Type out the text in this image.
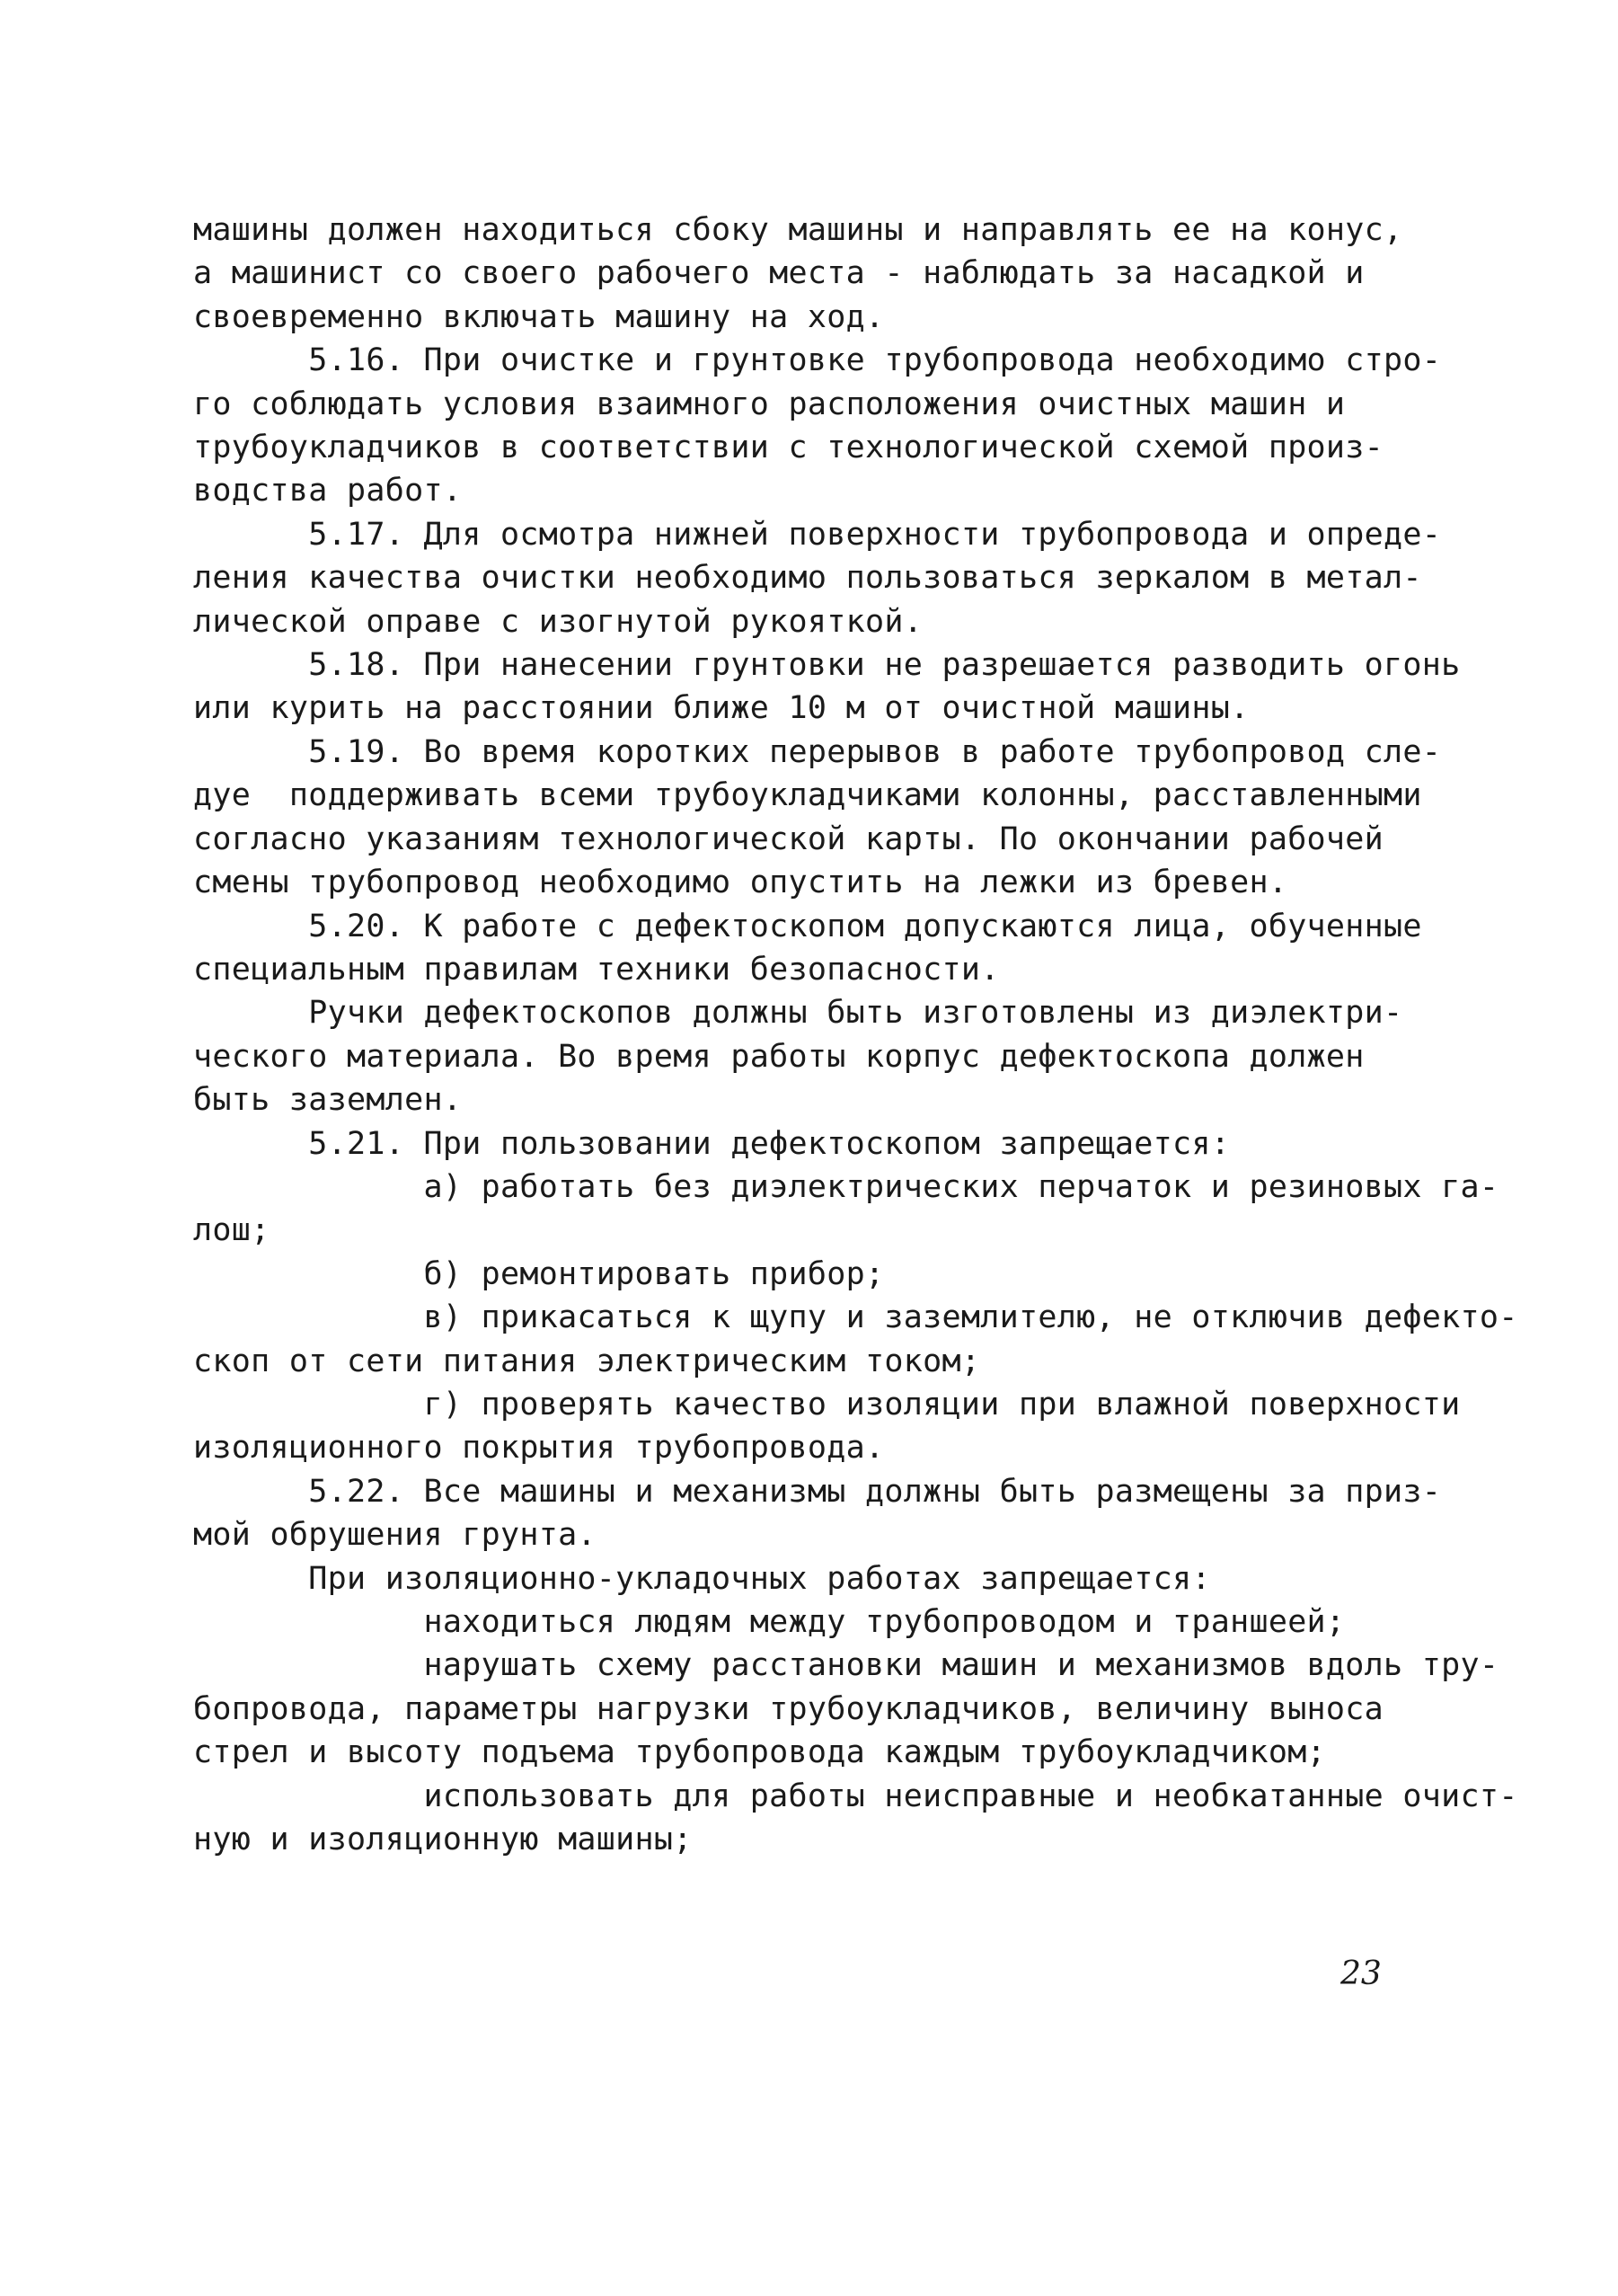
машины должен находиться сбоку машины и направлять ее на конус,
а машинист со своего рабочего места - наблюдать за насадкой и
своевременно включать машину на ход.
5.16. При очистке и грунтовке трубопровода необходимо стро-
го соблюдать условия взаимного расположения очистных машин и
трубоукладчиков в соответствии с технологической схемой произ-
водства работ.
5.17. Для осмотра нижней поверхности трубопровода и опреде-
ления качества очистки необходимо пользоваться зеркалом в метал-
лической оправе с изогнутой рукояткой.
5.18. При нанесении грунтовки не разрешается разводить огонь
или курить на расстоянии ближе 10 м от очистной машины.
5.19. Во время коротких перерывов в работе трубопровод сле-
дуе  поддерживать всеми трубоукладчиками колонны, расставленными
согласно указаниям технологической карты. По окончании рабочей
смены трубопровод необходимо опустить на лежки из бревен.
5.20. К работе с дефектоскопом допускаются лица, обученные
специальным правилам техники безопасности.
Ручки дефектоскопов должны быть изготовлены из диэлектри-
ческого материала. Во время работы корпус дефектоскопа должен
быть заземлен.
5.21. При пользовании дефектоскопом запрещается:
а) работать без диэлектрических перчаток и резиновых га-
лош;
б) ремонтировать прибор;
в) прикасаться к щупу и заземлителю, не отключив дефекто-
скоп от сети питания электрическим током;
г) проверять качество изоляции при влажной поверхности
изоляционного покрытия трубопровода.
5.22. Все машины и механизмы должны быть размещены за приз-
мой обрушения грунта.
При изоляционно-укладочных работах запрещается:
находиться людям между трубопроводом и траншеей;
нарушать схему расстановки машин и механизмов вдоль тру-
бопровода, параметры нагрузки трубоукладчиков, величину выноса
стрел и высоту подъема трубопровода каждым трубоукладчиком;
использовать для работы неисправные и необкатанные очист-
ную и изоляционную машины;
23
